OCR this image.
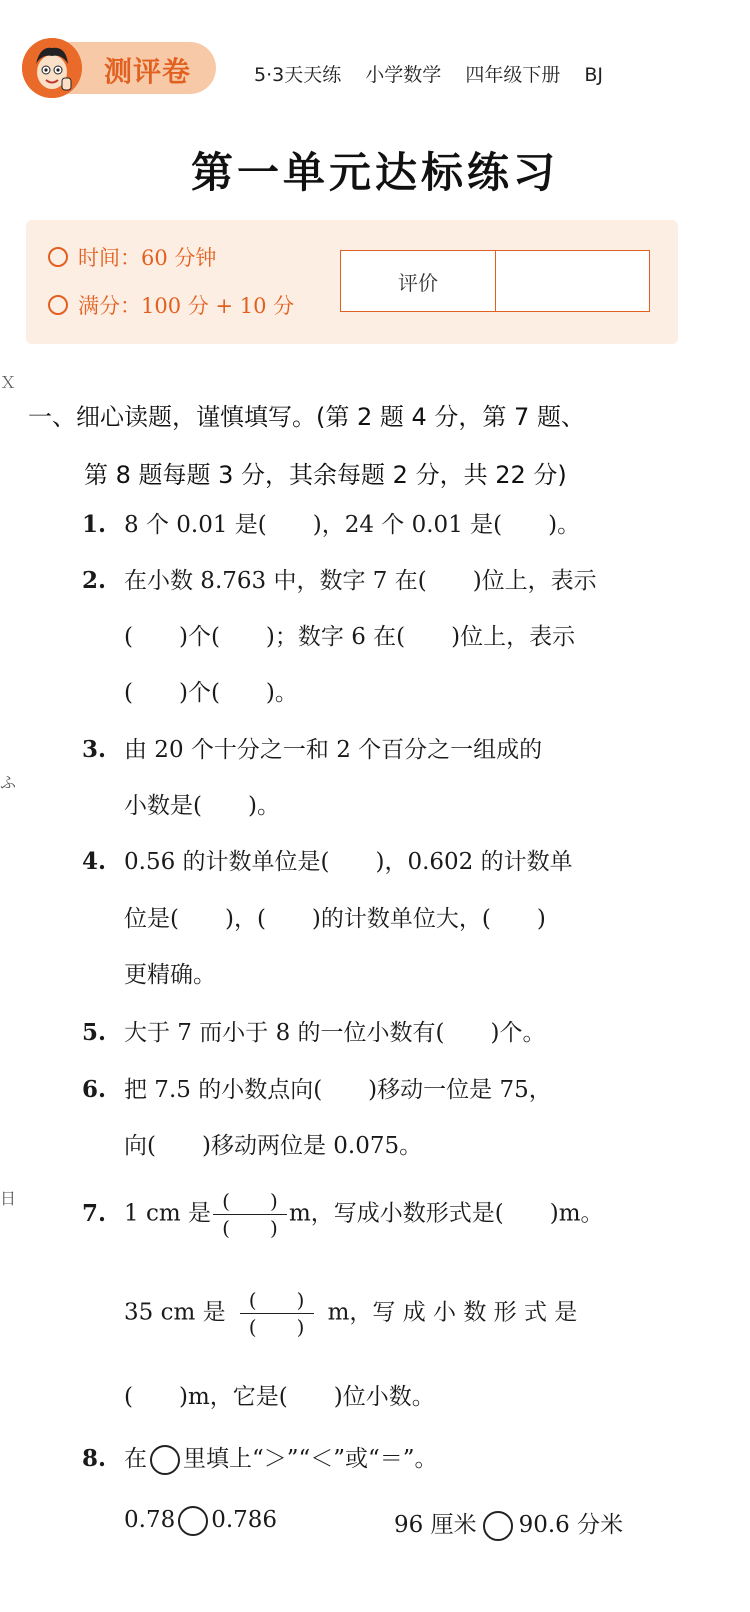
测评卷	5·3天天练 小学数学 四年级下册 BJ
第一单元达标练习
时间：60 分钟
满分：100 分 + 10 分
评价
Ｘ
ふ
日
一、细心读题，谨慎填写。(第 2 题 4 分，第 7 题、
第 8 题每题 3 分，其余每题 2 分，共 22 分)
1. 8 个 0.01 是(　　)，24 个 0.01 是(　　)。
2. 在小数 8.763 中，数字 7 在(　　)位上，表示
(　　)个(　　)；数字 6 在(　　)位上，表示
(　　)个(　　)。
3. 由 20 个十分之一和 2 个百分之一组成的
小数是(　　)。
4. 0.56 的计数单位是(　　)，0.602 的计数单
位是(　　)，(　　)的计数单位大，(　　)
更精确。
5. 大于 7 而小于 8 的一位小数有(　　)个。
6. 把 7.5 的小数点向(　　)移动一位是 75，
向(　　)移动两位是 0.075。
7. 1 cm 是 $\frac{( )}{( )}$ m，写成小数形式是(　　)m。
35 cm 是 $\frac{( )}{( )}$ m，写 成 小 数 形 式 是
(　　)m，它是(　　)位小数。
8. 在 里填上“＞”“＜”或“＝”。
0.78 0.786	96 厘米 90.6 分米
